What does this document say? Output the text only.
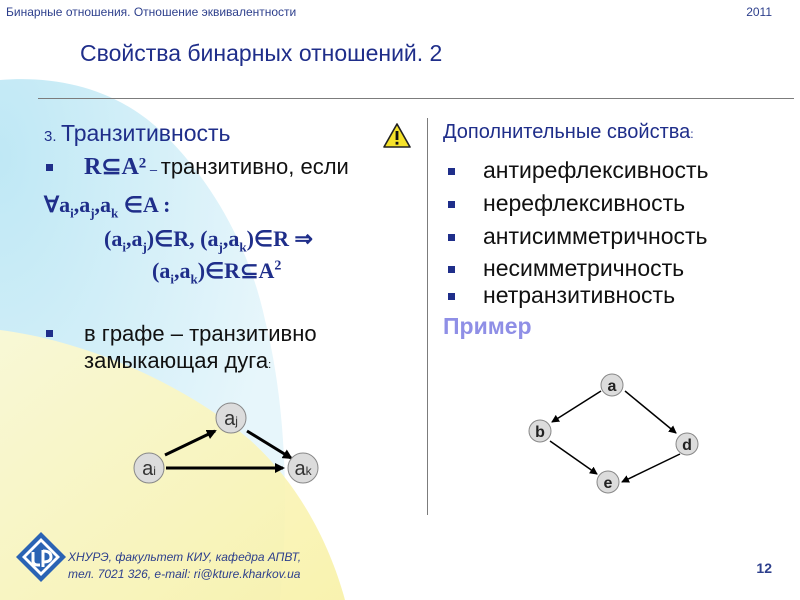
Бинарные отношения. Отношение эквивалентности	2011
Свойства бинарных отношений. 2
3. Транзитивность
$R⊆A^2$ – транзитивно, если
$\forall a_i,a_j,a_k$ ∈A :
$(a_i,a_j)\in R$, $(a_j,a_k)\in R$ ⇒
$(a_i,a_k)\in R⊆A^2$
в графе – транзитивно
замыкающая дуга:
ai
aj
ak
Дополнительные свойства:
антирефлексивность
нерефлексивность
антисимметричность
несимметричность
нетранзитивность
Пример
a
b
d
e
ХНУРЭ, факультет КИУ, кафедра АПВТ,
тел. 7021 326, e-mail: ri@kture.kharkov.ua	12
